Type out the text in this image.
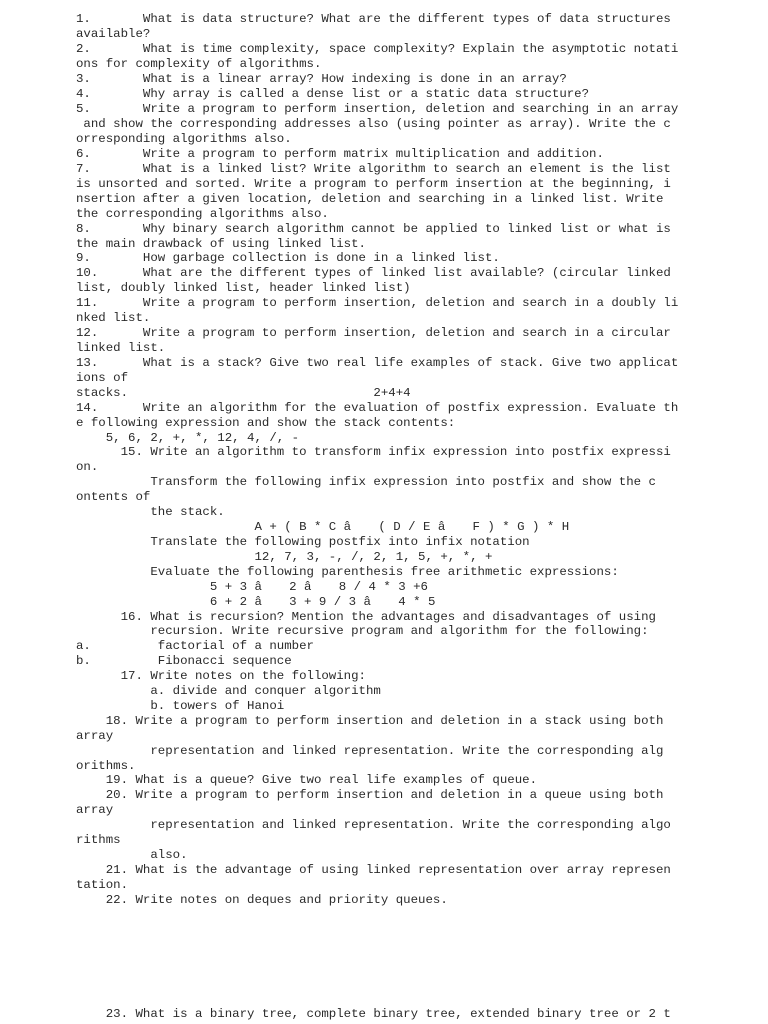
1.       What is data structure? What are the different types of data structures
available?
2.       What is time complexity, space complexity? Explain the asymptotic notati
ons for complexity of algorithms.
3.       What is a linear array? How indexing is done in an array?
4.       Why array is called a dense list or a static data structure?
5.       Write a program to perform insertion, deletion and searching in an array
and show the corresponding addresses also (using pointer as array). Write the c
orresponding algorithms also.
6.       Write a program to perform matrix multiplication and addition.
7.       What is a linked list? Write algorithm to search an element is the list
is unsorted and sorted. Write a program to perform insertion at the beginning, i
nsertion after a given location, deletion and searching in a linked list. Write
the corresponding algorithms also.
8.       Why binary search algorithm cannot be applied to linked list or what is
the main drawback of using linked list.
9.       How garbage collection is done in a linked list.
10.      What are the different types of linked list available? (circular linked
list, doubly linked list, header linked list)
11.      Write a program to perform insertion, deletion and search in a doubly li
nked list.
12.      Write a program to perform insertion, deletion and search in a circular
linked list.
13.      What is a stack? Give two real life examples of stack. Give two applicat
ions of
stacks.                                 2+4+4
14.      Write an algorithm for the evaluation of postfix expression. Evaluate th
e following expression and show the stack contents:
5, 6, 2, +, *, 12, 4, /, -
15. Write an algorithm to transform infix expression into postfix expressi
on.
Transform the following infix expression into postfix and show the c
ontents of
the stack.
A + ( B * C â ( D / E â F ) * G ) * H
Translate the following postfix into infix notation
12, 7, 3, -, /, 2, 1, 5, +, *, +
Evaluate the following parenthesis free arithmetic expressions:
5 + 3 â 2 â 8 / 4 * 3 +6
6 + 2 â 3 + 9 / 3 â 4 * 5
16. What is recursion? Mention the advantages and disadvantages of using
recursion. Write recursive program and algorithm for the following:
a.         factorial of a number
b.         Fibonacci sequence
17. Write notes on the following:
a. divide and conquer algorithm
b. towers of Hanoi
18. Write a program to perform insertion and deletion in a stack using both
array
representation and linked representation. Write the corresponding alg
orithms.
19. What is a queue? Give two real life examples of queue.
20. Write a program to perform insertion and deletion in a queue using both
array
representation and linked representation. Write the corresponding algo
rithms
also.
21. What is the advantage of using linked representation over array represen
tation.
22. Write notes on deques and priority queues.
23. What is a binary tree, complete binary tree, extended binary tree or 2 t
